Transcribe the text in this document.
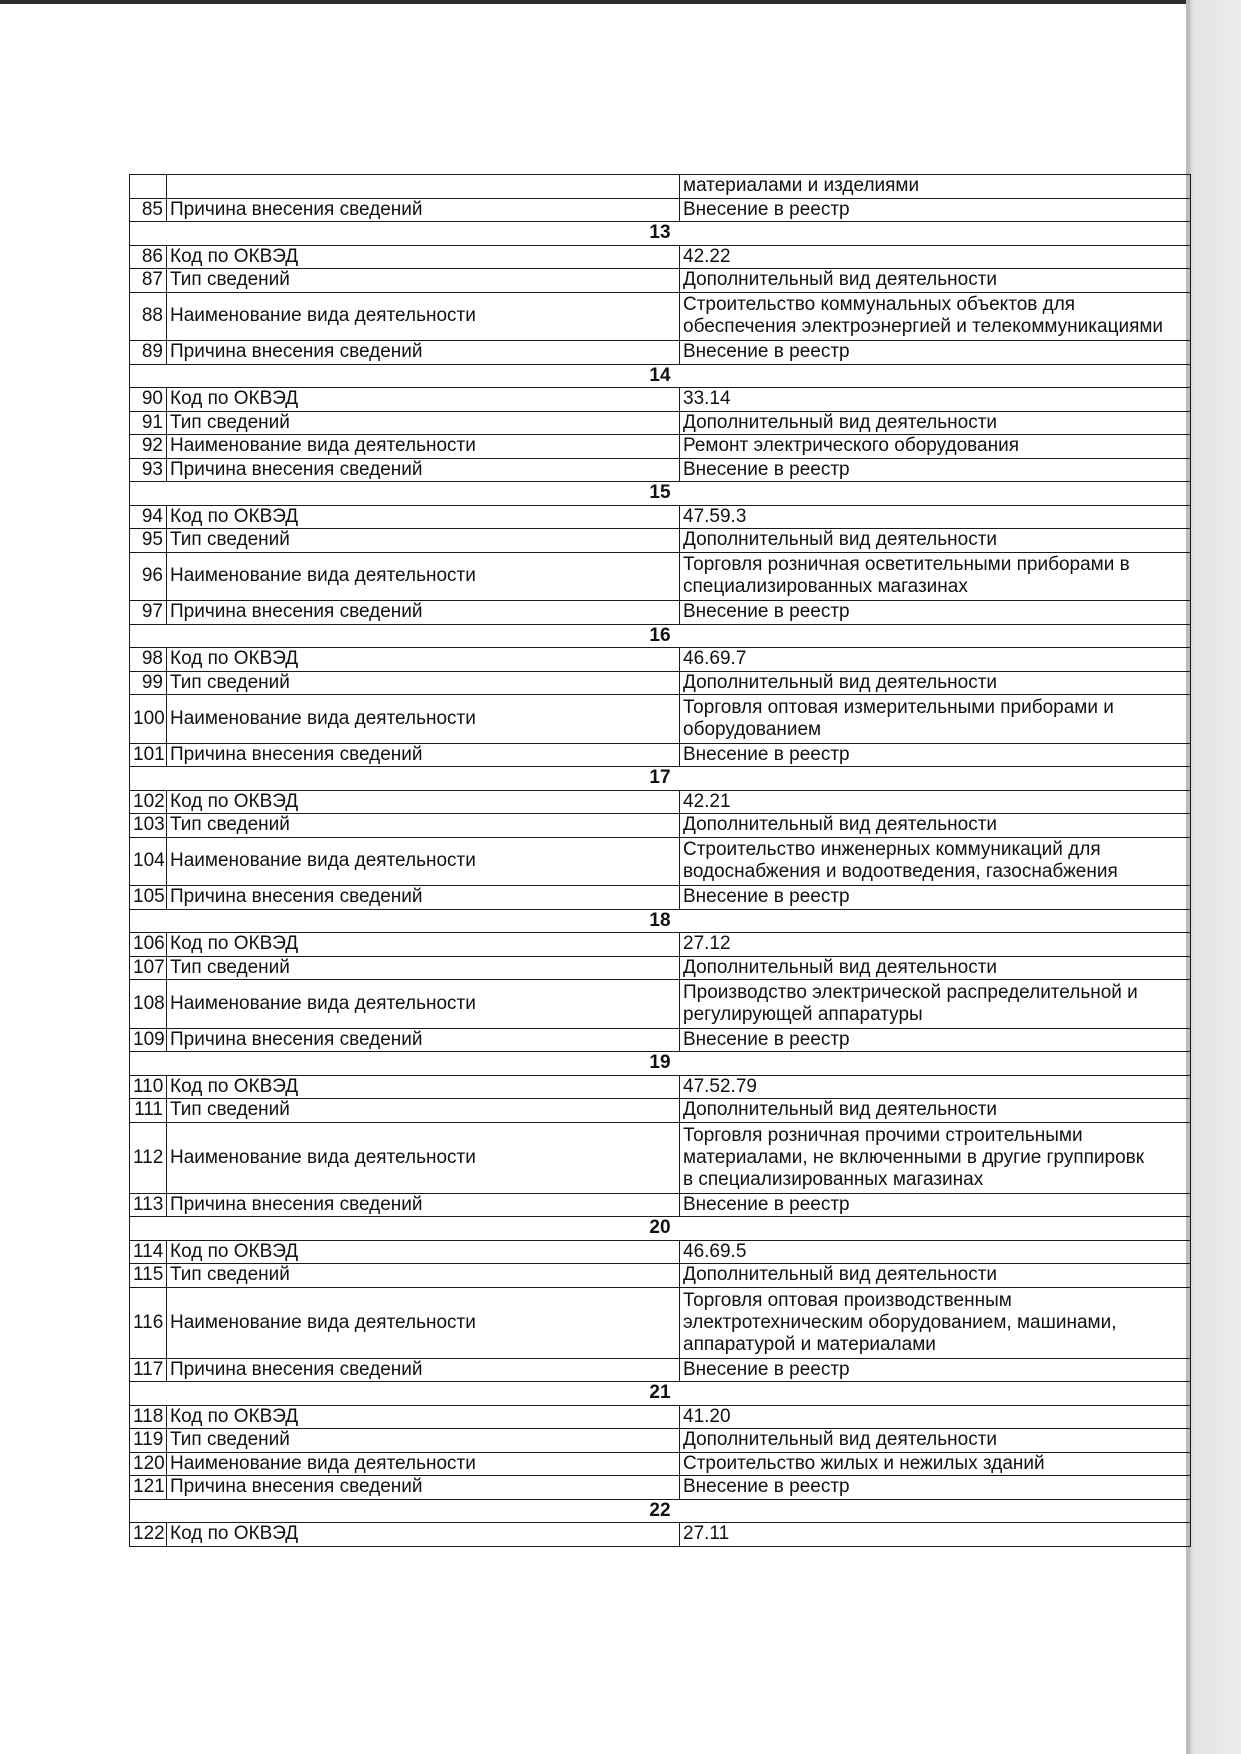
		материалами и изделиями
85	Причина внесения сведений	Внесение в реестр
13		
86	Код по ОКВЭД	42.22

87	Тип сведений	Дополнительный вид деятельности

88	Наименование вида деятельности	Строительство коммунальных объектов для
обеспечения электроэнергией и телекоммуникациями

89	Причина внесения сведений	Внесение в реестр

14		
90	Код по ОКВЭД	33.14

91	Тип сведений	Дополнительный вид деятельности

92	Наименование вида деятельности	Ремонт электрического оборудования

93	Причина внесения сведений	Внесение в реестр

15		
94	Код по ОКВЭД	47.59.3

95	Тип сведений	Дополнительный вид деятельности

96	Наименование вида деятельности	Торговля розничная осветительными приборами в
специализированных магазинах

97	Причина внесения сведений	Внесение в реестр

16		
98	Код по ОКВЭД	46.69.7

99	Тип сведений	Дополнительный вид деятельности

100	Наименование вида деятельности	Торговля оптовая измерительными приборами и
оборудованием

101	Причина внесения сведений	Внесение в реестр

17		
102	Код по ОКВЭД	42.21

103	Тип сведений	Дополнительный вид деятельности

104	Наименование вида деятельности	Строительство инженерных коммуникаций для
водоснабжения и водоотведения, газоснабжения

105	Причина внесения сведений	Внесение в реестр

18		
106	Код по ОКВЭД	27.12

107	Тип сведений	Дополнительный вид деятельности

108	Наименование вида деятельности	Производство электрической распределительной и
регулирующей аппаратуры

109	Причина внесения сведений	Внесение в реестр

19		
110	Код по ОКВЭД	47.52.79

111	Тип сведений	Дополнительный вид деятельности

112	Наименование вида деятельности	Торговля розничная прочими строительными
материалами, не включенными в другие группировк
в специализированных магазинах

113	Причина внесения сведений	Внесение в реестр

20		
114	Код по ОКВЭД	46.69.5

115	Тип сведений	Дополнительный вид деятельности

116	Наименование вида деятельности	Торговля оптовая производственным
электротехническим оборудованием, машинами,
аппаратурой и материалами

117	Причина внесения сведений	Внесение в реестр

21		
118	Код по ОКВЭД	41.20

119	Тип сведений	Дополнительный вид деятельности

120	Наименование вида деятельности	Строительство жилых и нежилых зданий

121	Причина внесения сведений	Внесение в реестр

22		
122	Код по ОКВЭД	27.11
